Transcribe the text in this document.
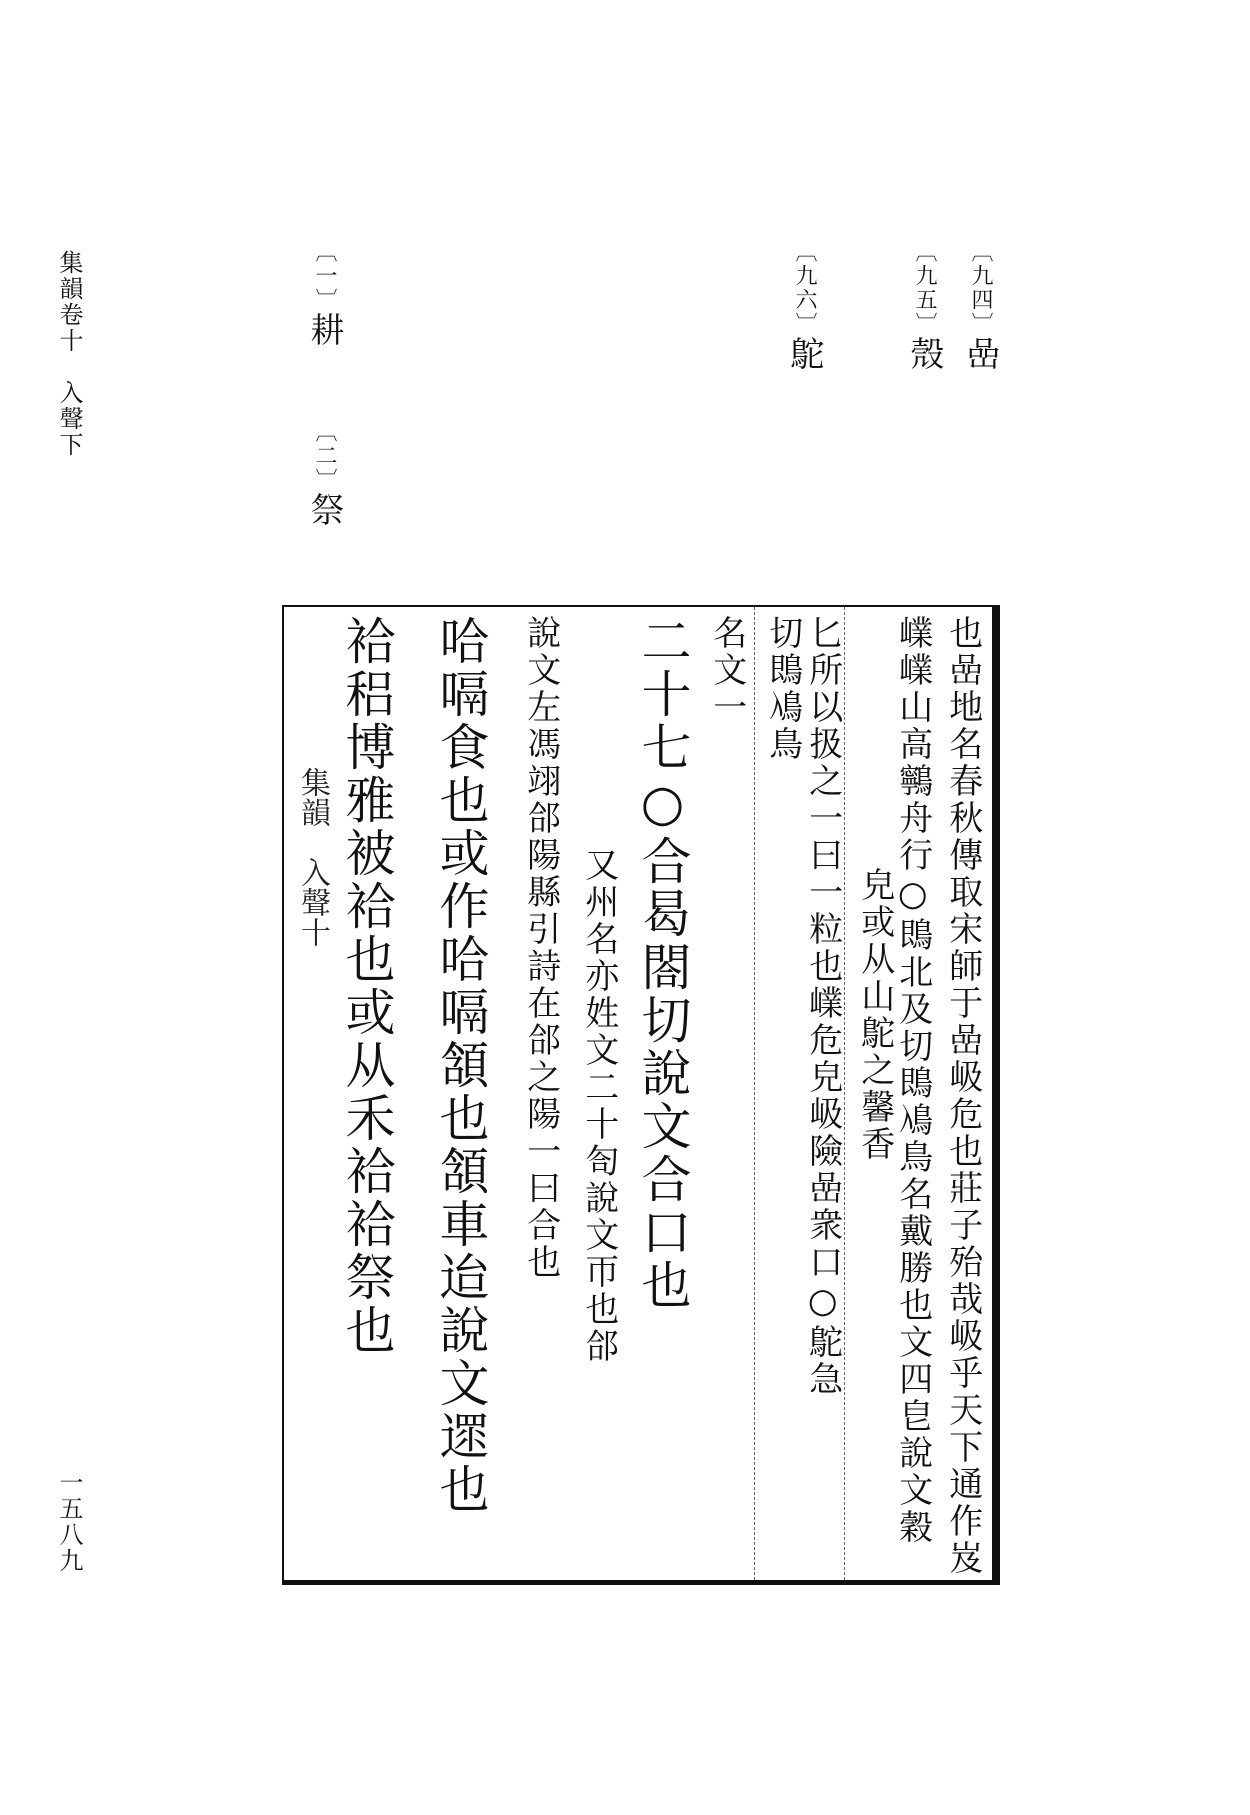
集韻卷十　入聲下
一五八九
〔九四〕嵒
〔九五〕殼
〔九六〕鴕
〔一〕耕
〔二〕祭
也嵒地名春秋傳取宋師于嵒岋危也莊子殆哉岋乎天下通作岌
嶫嶫山高鸋舟行○鵖北及切鵖鳰鳥名戴勝也文四皀說文穀
皃或从山鴕之馨香
匕所以扱之一曰一粒也嶫危皃岋險嵒衆口○鴕急
切鵖鳰鳥
名文一
二十七○合曷閤切說文合口也
又州名亦姓文二十匌說文帀也郃
說文左馮翊郃陽縣引詩在郃之陽一曰合也
哈嗝食也或作哈嗝頷也頷車迨說文遝也
袷稆博雅被袷也或从禾袷袷祭也
集韻　入聲十
